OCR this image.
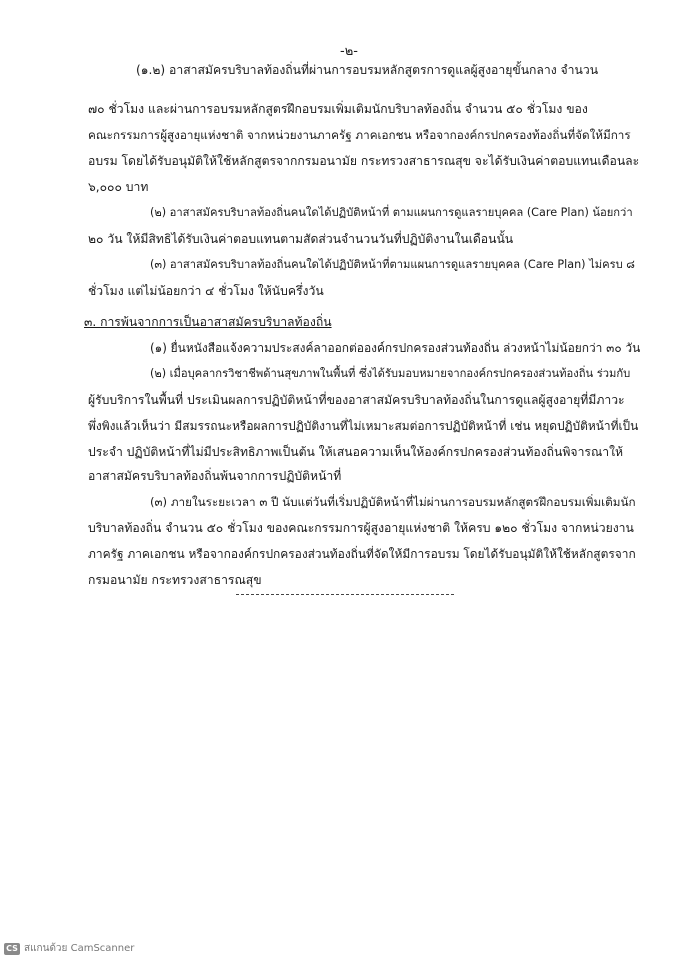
-๒-
(๑.๒) อาสาสมัครบริบาลท้องถิ่นที่ผ่านการอบรมหลักสูตรการดูแลผู้สูงอายุขั้นกลาง จำนวน
๗๐ ชั่วโมง และผ่านการอบรมหลักสูตรฝึกอบรมเพิ่มเติมนักบริบาลท้องถิ่น จำนวน ๕๐ ชั่วโมง ของ
คณะกรรมการผู้สูงอายุแห่งชาติ จากหน่วยงานภาครัฐ ภาคเอกชน หรือจากองค์กรปกครองท้องถิ่นที่จัดให้มีการ
อบรม โดยได้รับอนุมัติให้ใช้หลักสูตรจากกรมอนามัย กระทรวงสาธารณสุข จะได้รับเงินค่าตอบแทนเดือนละ
๖,๐๐๐ บาท
(๒) อาสาสมัครบริบาลท้องถิ่นคนใดได้ปฏิบัติหน้าที่ ตามแผนการดูแลรายบุคคล (Care Plan) น้อยกว่า
๒๐ วัน ให้มีสิทธิได้รับเงินค่าตอบแทนตามสัดส่วนจำนวนวันที่ปฏิบัติงานในเดือนนั้น
(๓) อาสาสมัครบริบาลท้องถิ่นคนใดได้ปฏิบัติหน้าที่ตามแผนการดูแลรายบุคคล (Care Plan) ไม่ครบ ๘
ชั่วโมง แต่ไม่น้อยกว่า ๔ ชั่วโมง ให้นับครึ่งวัน
๓. การพ้นจากการเป็นอาสาสมัครบริบาลท้องถิ่น
(๑) ยื่นหนังสือแจ้งความประสงค์ลาออกต่อองค์กรปกครองส่วนท้องถิ่น ล่วงหน้าไม่น้อยกว่า ๓๐ วัน
(๒) เมื่อบุคลากรวิชาชีพด้านสุขภาพในพื้นที่ ซึ่งได้รับมอบหมายจากองค์กรปกครองส่วนท้องถิ่น ร่วมกับ
ผู้รับบริการในพื้นที่ ประเมินผลการปฏิบัติหน้าที่ของอาสาสมัครบริบาลท้องถิ่นในการดูแลผู้สูงอายุที่มีภาวะ
พึ่งพิงแล้วเห็นว่า มีสมรรถนะหรือผลการปฏิบัติงานที่ไม่เหมาะสมต่อการปฏิบัติหน้าที่ เช่น หยุดปฏิบัติหน้าที่เป็น
ประจำ ปฏิบัติหน้าที่ไม่มีประสิทธิภาพเป็นต้น ให้เสนอความเห็นให้องค์กรปกครองส่วนท้องถิ่นพิจารณาให้
อาสาสมัครบริบาลท้องถิ่นพ้นจากการปฏิบัติหน้าที่
(๓) ภายในระยะเวลา ๓ ปี นับแต่วันที่เริ่มปฏิบัติหน้าที่ไม่ผ่านการอบรมหลักสูตรฝึกอบรมเพิ่มเติมนัก
บริบาลท้องถิ่น จำนวน ๕๐ ชั่วโมง ของคณะกรรมการผู้สูงอายุแห่งชาติ ให้ครบ ๑๒๐ ชั่วโมง จากหน่วยงาน
ภาครัฐ ภาคเอกชน หรือจากองค์กรปกครองส่วนท้องถิ่นที่จัดให้มีการอบรม โดยได้รับอนุมัติให้ใช้หลักสูตรจาก
กรมอนามัย กระทรวงสาธารณสุข
CS สแกนด้วย CamScanner
